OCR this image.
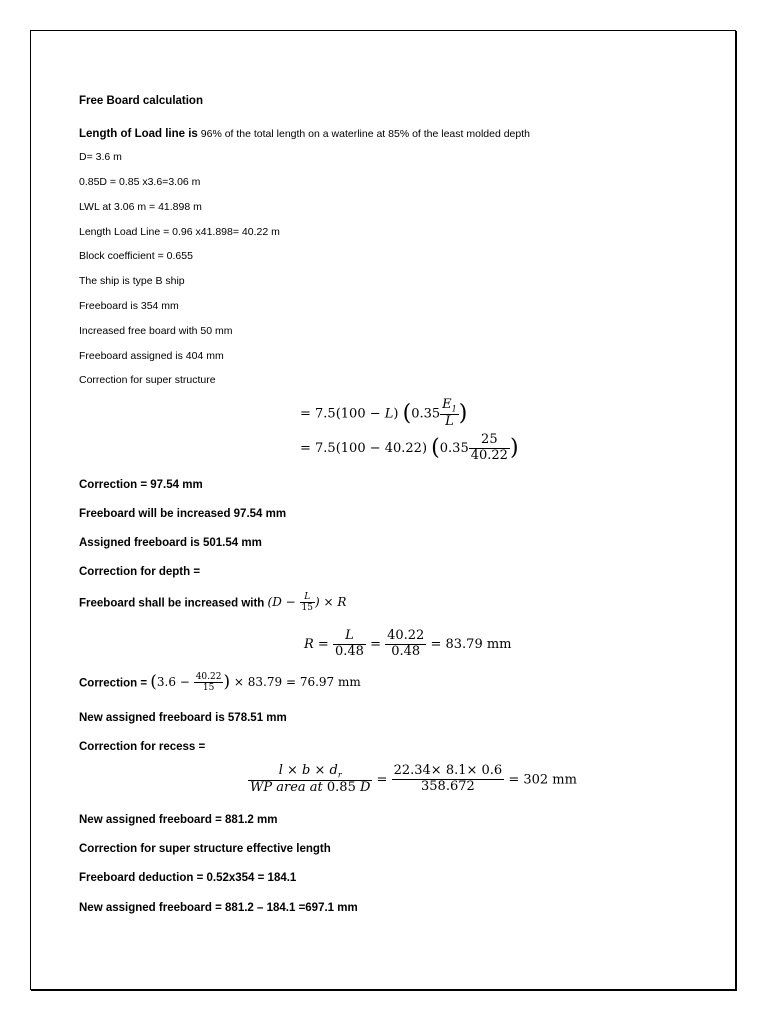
Free Board calculation
Length of Load line is 96% of the total length on a waterline at 85% of the least molded depth
D= 3.6 m
0.85D = 0.85 x3.6=3.06 m
LWL at 3.06 m = 41.898 m
Length Load Line = 0.96 x41.898= 40.22 m
Block coefficient = 0.655
The ship is type B ship
Freeboard is 354 mm
Increased free board with 50 mm
Freeboard assigned is 404 mm
Correction for super structure
= 7.5(100 − L) ($0.35 \frac{E_1}{L}$ )
= 7.5(100 − 40.22) ($0.35 \frac{25}{40.22}$ )
Correction = 97.54 mm
Freeboard will be increased 97.54 mm
Assigned freeboard is 501.54 mm
Correction for depth =
Freeboard shall be increased with ($D - \frac{L}{15}$ ) × R
$R = \frac{L}{0.48} = \frac{40.22}{0.48} = 83.79$ mm
Correction = ($3.6 - \frac{40.22}{15}$ ) × 83.79 = 76.97 mm
New assigned freeboard is 578.51 mm
Correction for recess =
$\frac{l \times b \times d_r}{\text{WP area at 0.85 D}} = \frac{22.34\times 8.1\times 0.6}{358.672} = 302$ mm
New assigned freeboard = 881.2 mm
Correction for super structure effective length
Freeboard deduction = 0.52x354 = 184.1
New assigned freeboard = 881.2 – 184.1 =697.1 mm
